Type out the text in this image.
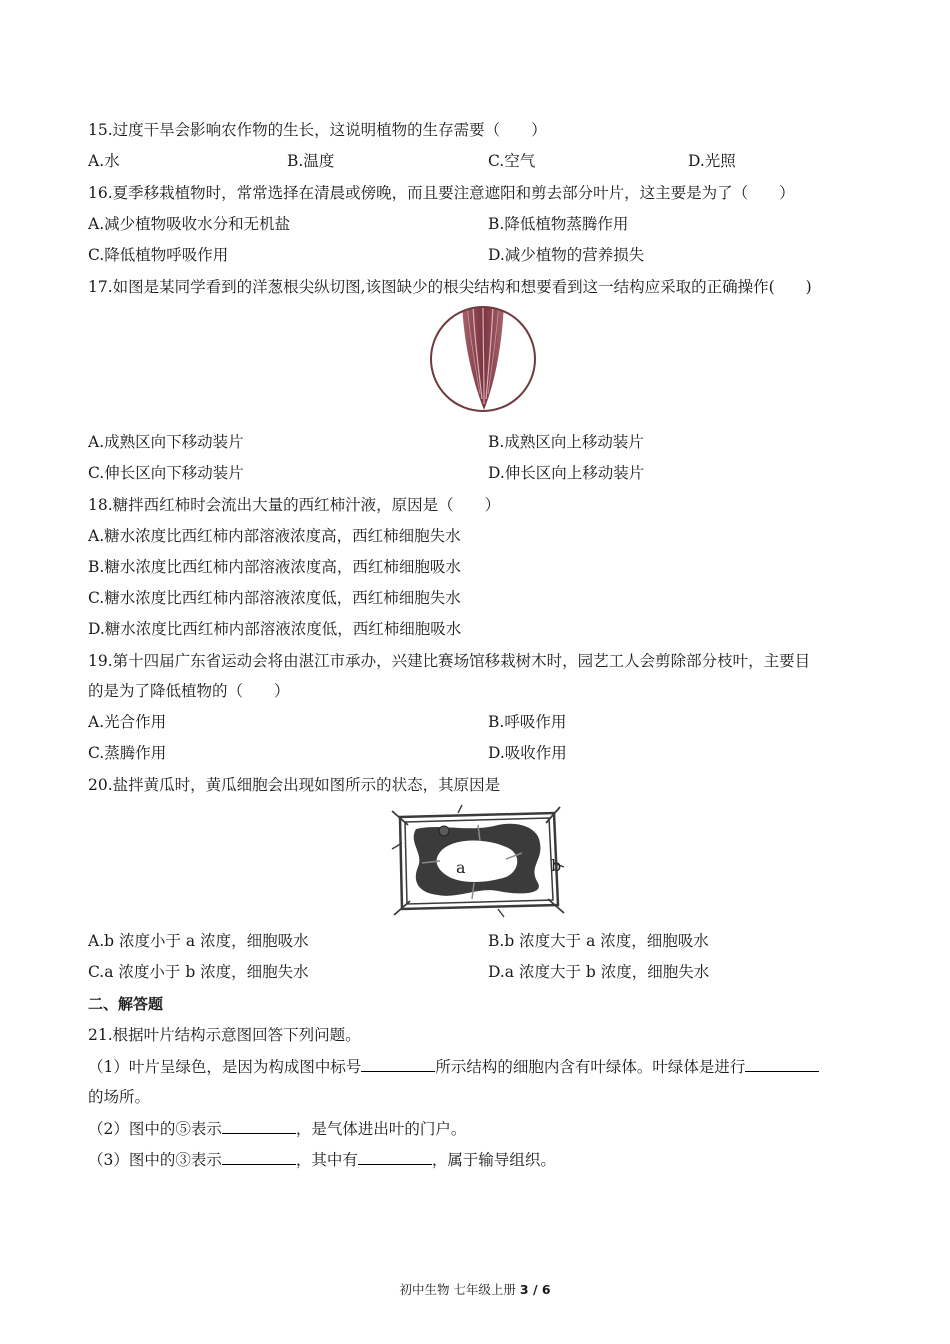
15.过度干旱会影响农作物的生长，这说明植物的生存需要（　　）
A.水	B.温度	C.空气	D.光照
16.夏季移栽植物时，常常选择在清晨或傍晚，而且要注意遮阳和剪去部分叶片，这主要是为了（　　）
A.减少植物吸收水分和无机盐	B.降低植物蒸腾作用
C.降低植物呼吸作用	D.减少植物的营养损失
17.如图是某同学看到的洋葱根尖纵切图,该图缺少的根尖结构和想要看到这一结构应采取的正确操作(　　)
A.成熟区向下移动装片	B.成熟区向上移动装片
C.伸长区向下移动装片	D.伸长区向上移动装片
18.糖拌西红柿时会流出大量的西红柿汁液，原因是（　　）
A.糖水浓度比西红柿内部溶液浓度高，西红柿细胞失水
B.糖水浓度比西红柿内部溶液浓度高，西红柿细胞吸水
C.糖水浓度比西红柿内部溶液浓度低，西红柿细胞失水
D.糖水浓度比西红柿内部溶液浓度低，西红柿细胞吸水
19.第十四届广东省运动会将由湛江市承办，兴建比赛场馆移栽树木时，园艺工人会剪除部分枝叶，主要目
的是为了降低植物的（　　）
A.光合作用	B.呼吸作用
C.蒸腾作用	D.吸收作用
20.盐拌黄瓜时，黄瓜细胞会出现如图所示的状态，其原因是
a	b
A.b 浓度小于 a 浓度，细胞吸水	B.b 浓度大于 a 浓度，细胞吸水
C.a 浓度小于 b 浓度，细胞失水	D.a 浓度大于 b 浓度，细胞失水
二、解答题
21.根据叶片结构示意图回答下列问题。
（1）叶片呈绿色，是因为构成图中标号	所示结构的细胞内含有叶绿体。叶绿体是进行
的场所。
（2）图中的⑤表示	，是气体进出叶的门户。
（3）图中的③表示	，其中有	，属于输导组织。
初中生物 七年级上册 3 / 6
